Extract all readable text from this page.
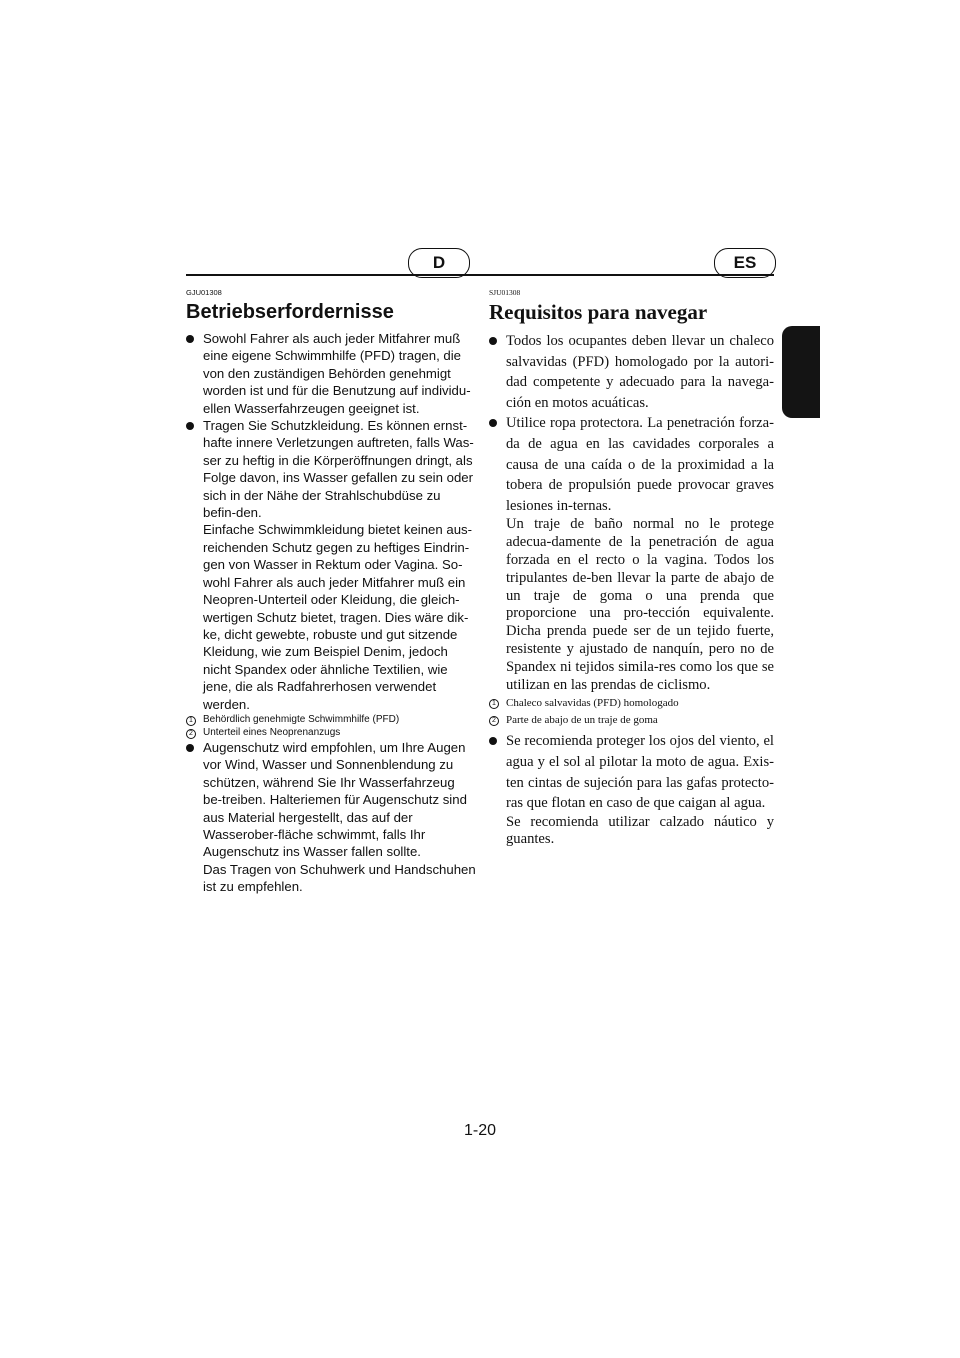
D	ES
GJU01308
Betriebserfordernisse

Sowohl Fahrer als auch jeder Mitfahrer muß eine eigene Schwimmhilfe (PFD) tragen, die von den zuständigen Behörden genehmigt worden ist und für die Benutzung auf individu-ellen Wasserfahrzeugen geeignet ist.

Tragen Sie Schutzkleidung. Es können ernst-hafte innere Verletzungen auftreten, falls Was-ser zu heftig in die Körperöffnungen dringt, als Folge davon, ins Wasser gefallen zu sein oder sich in der Nähe der Strahlschubdüse zu befin-den.

Einfache Schwimmkleidung bietet keinen aus-reichenden Schutz gegen zu heftiges Eindrin-gen von Wasser in Rektum oder Vagina. So-wohl Fahrer als auch jeder Mitfahrer muß ein Neopren-Unterteil oder Kleidung, die gleich-wertigen Schutz bietet, tragen. Dies wäre dik-ke, dicht gewebte, robuste und gut sitzende Kleidung, wie zum Beispiel Denim, jedoch nicht Spandex oder ähnliche Textilien, wie jene, die als Radfahrerhosen verwendet werden.

1	Behördlich genehmigte Schwimmhilfe (PFD)
2	Unterteil eines Neoprenanzugs

Augenschutz wird empfohlen, um Ihre Augen vor Wind, Wasser und Sonnenblendung zu schützen, während Sie Ihr Wasserfahrzeug be-treiben. Halteriemen für Augenschutz sind aus Material hergestellt, das auf der Wasserober-fläche schwimmt, falls Ihr Augenschutz ins Wasser fallen sollte.

Das Tragen von Schuhwerk und Handschuhen ist zu empfehlen.

SJU01308
Requisitos para navegar

Todos los ocupantes deben llevar un chaleco salvavidas (PFD) homologado por la autori-dad competente y adecuado para la navega-ción en motos acuáticas.

Utilice ropa protectora. La penetración forza-da de agua en las cavidades corporales a causa de una caída o de la proximidad a la tobera de propulsión puede provocar graves lesiones in-ternas.

Un traje de baño normal no le protege adecua-damente de la penetración de agua forzada en el recto o la vagina. Todos los tripulantes de-ben llevar la parte de abajo de un traje de goma o una prenda que proporcione una pro-tección equivalente. Dicha prenda puede ser de un tejido fuerte, resistente y ajustado de nanquín, pero no de Spandex ni tejidos simila-res como los que se utilizan en las prendas de ciclismo.

1 Chaleco salvavidas (PFD) homologado
2 Parte de abajo de un traje de goma

Se recomienda proteger los ojos del viento, el agua y el sol al pilotar la moto de agua. Exis-ten cintas de sujeción para las gafas protecto-ras que flotan en caso de que caigan al agua.

Se recomienda utilizar calzado náutico y guantes.

1-20
